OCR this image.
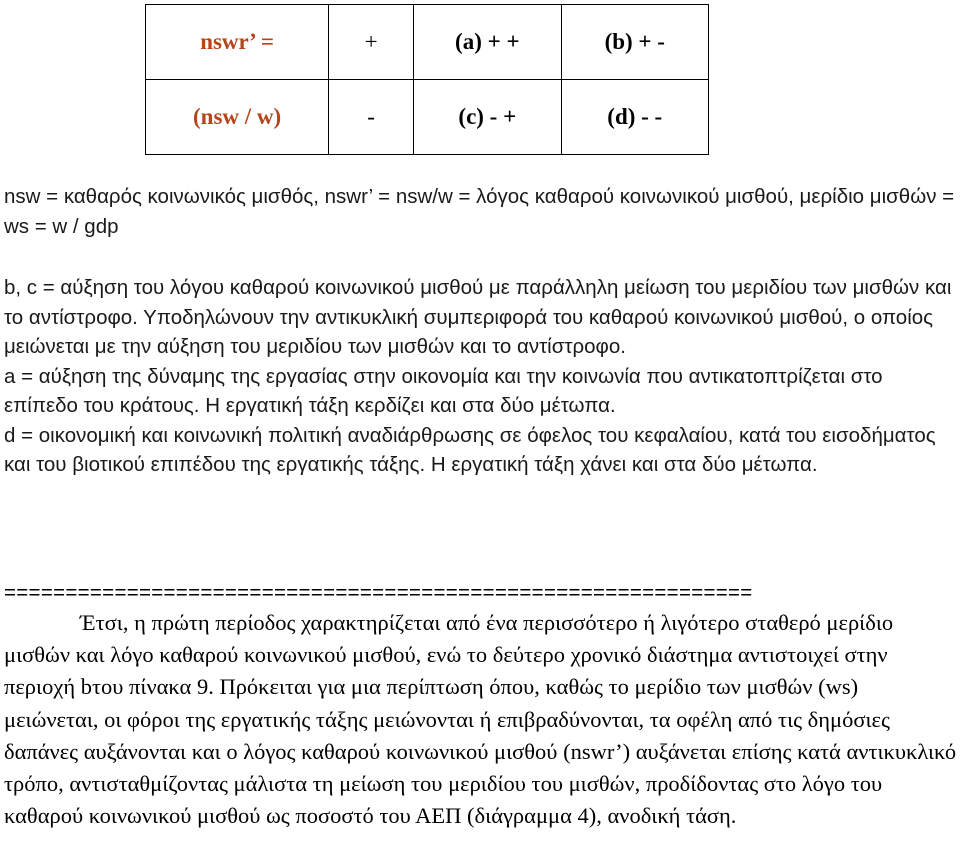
nswr’ =	+	(a) + +	(b) + -
(nsw / w)	-	(c) - +	(d) - -

nsw = καθαρός κοινωνικός μισθός, nswr’ = nsw/w = λόγος καθαρού κοινωνικού μισθού, μερίδιο μισθών = ws = w / gdp

b, c = αύξηση του λόγου καθαρού κοινωνικού μισθού με παράλληλη μείωση του μεριδίου των μισθών και το αντίστροφο. Υποδηλώνουν την αντικυκλική συμπεριφορά του καθαρού κοινωνικού μισθού, ο οποίος μειώνεται με την αύξηση του μεριδίου των μισθών και το αντίστροφο.

a = αύξηση της δύναμης της εργασίας στην οικονομία και την κοινωνία που αντικατοπτρίζεται στο επίπεδο του κράτους. Η εργατική τάξη κερδίζει και στα δύο μέτωπα.

d = οικονομική και κοινωνική πολιτική αναδιάρθρωσης σε όφελος του κεφαλαίου, κατά του εισοδήματος και του βιοτικού επιπέδου της εργατικής τάξης. Η εργατική τάξη χάνει και στα δύο μέτωπα.

=============================================================

Έτσι, η πρώτη περίοδος χαρακτηρίζεται από ένα περισσότερο ή λιγότερο σταθερό μερίδιο μισθών και λόγο καθαρού κοινωνικού μισθού, ενώ το δεύτερο χρονικό διάστημα αντιστοιχεί στην περιοχή bτου πίνακα 9. Πρόκειται για μια περίπτωση όπου, καθώς το μερίδιο των μισθών (ws) μειώνεται, οι φόροι της εργατικής τάξης μειώνονται ή επιβραδύνονται, τα οφέλη από τις δημόσιες δαπάνες αυξάνονται και ο λόγος καθαρού κοινωνικού μισθού (nswr’) αυξάνεται επίσης κατά αντικυκλικό τρόπο, αντισταθμίζοντας μάλιστα τη μείωση του μεριδίου του μισθών, προδίδοντας στο λόγο του καθαρού κοινωνικού μισθού ως ποσοστό του ΑΕΠ (διάγραμμα 4), ανοδική τάση.
